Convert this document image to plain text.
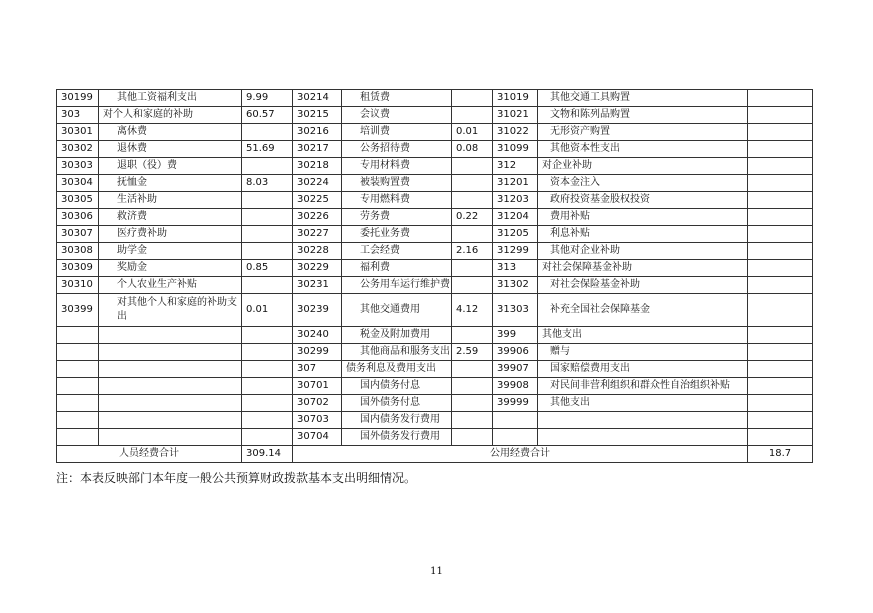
30199	其他工资福利支出	9.99	30214	租赁费		31019	其他交通工具购置	
303	对个人和家庭的补助	60.57	30215	会议费		31021	文物和陈列品购置	
30301	离休费		30216	培训费	0.01	31022	无形资产购置	
30302	退休费	51.69	30217	公务招待费	0.08	31099	其他资本性支出	
30303	退职（役）费		30218	专用材料费		312	对企业补助	
30304	抚恤金	8.03	30224	被装购置费		31201	资本金注入	
30305	生活补助		30225	专用燃料费		31203	政府投资基金股权投资	
30306	救济费		30226	劳务费	0.22	31204	费用补贴	
30307	医疗费补助		30227	委托业务费		31205	利息补贴	
30308	助学金		30228	工会经费	2.16	31299	其他对企业补助	
30309	奖励金	0.85	30229	福利费		313	对社会保障基金补助	
30310	个人农业生产补贴		30231	公务用车运行维护费		31302	对社会保险基金补助	
30399	对其他个人和家庭的补助支出	0.01	30239	其他交通费用	4.12	31303	补充全国社会保障基金	
			30240	税金及附加费用		399	其他支出	
			30299	其他商品和服务支出	2.59	39906	赠与	
			307	债务利息及费用支出		39907	国家赔偿费用支出	
			30701	国内债务付息		39908	对民间非营利组织和群众性自治组织补贴	
			30702	国外债务付息		39999	其他支出	
			30703	国内债务发行费用				
			30704	国外债务发行费用				
人员经费合计		309.14	公用经费合计					18.7
注：本表反映部门本年度一般公共预算财政拨款基本支出明细情况。
11
